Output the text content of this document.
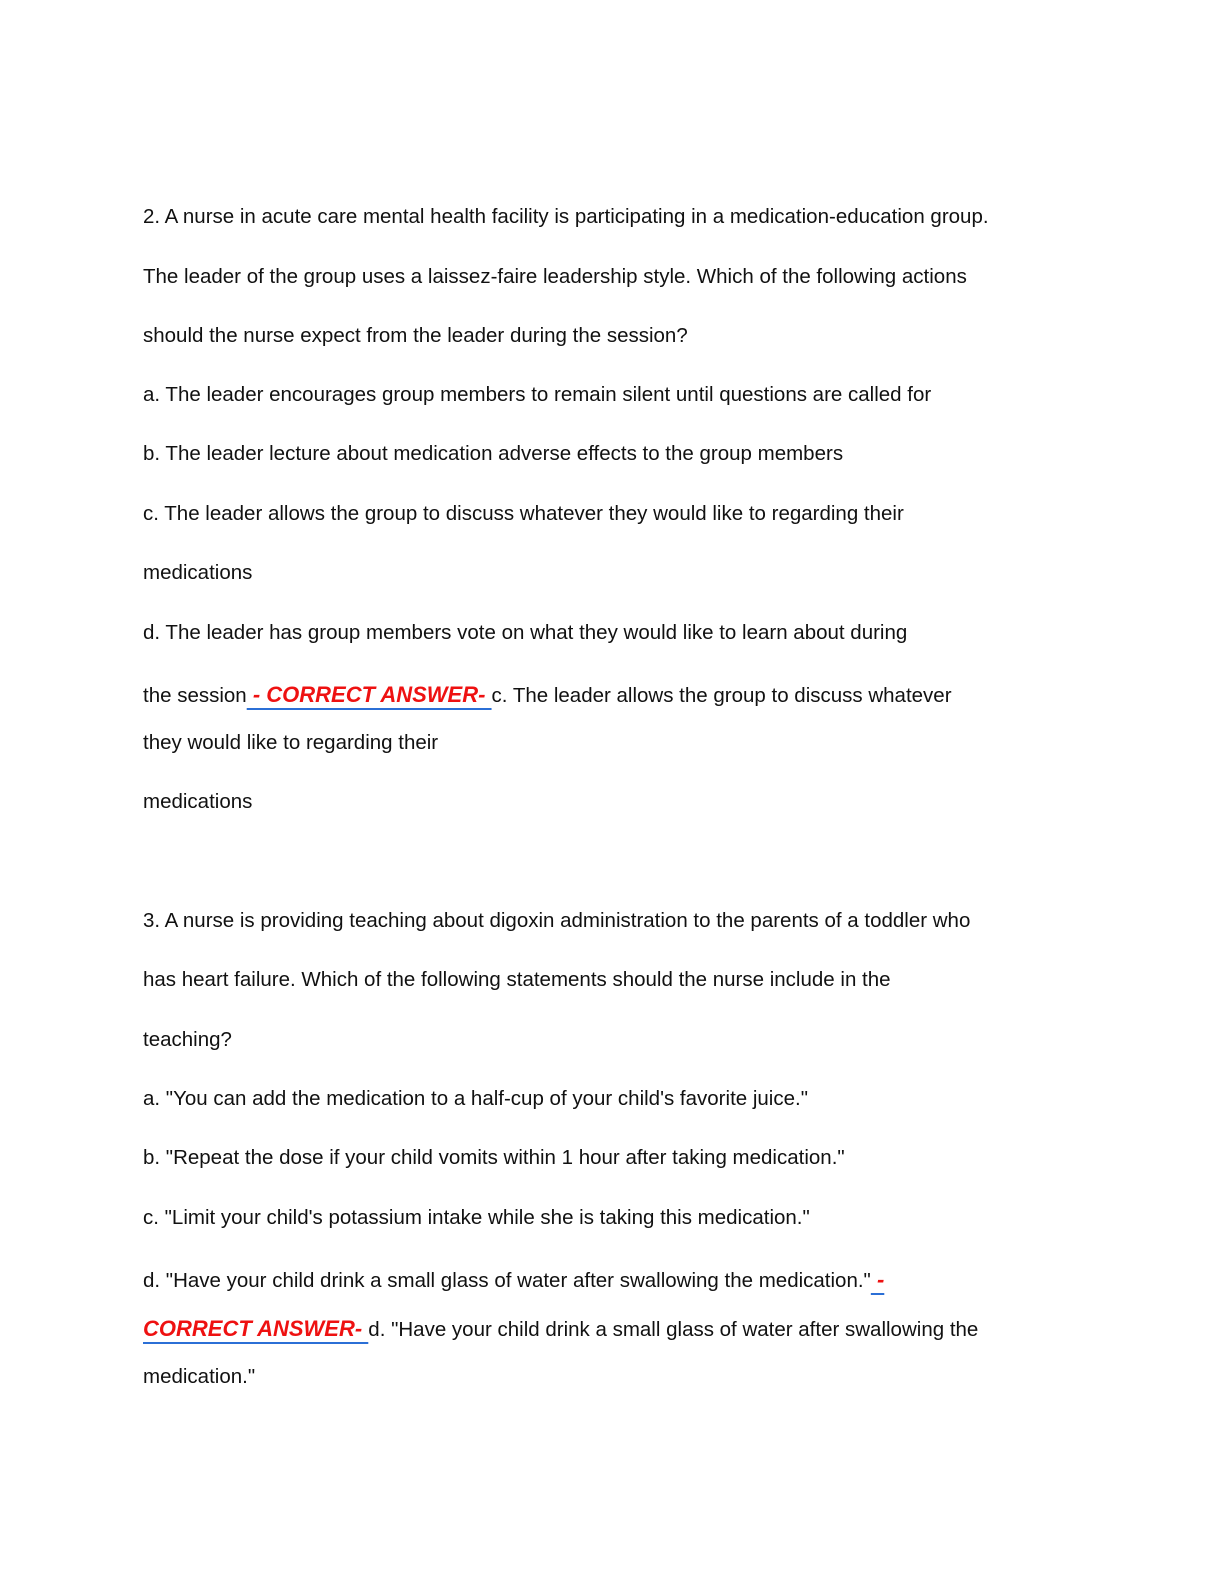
2. A nurse in acute care mental health facility is participating in a medication-education group.
The leader of the group uses a laissez-faire leadership style. Which of the following actions
should the nurse expect from the leader during the session?
a. The leader encourages group members to remain silent until questions are called for
b. The leader lecture about medication adverse effects to the group members
c. The leader allows the group to discuss whatever they would like to regarding their
medications
d. The leader has group members vote on what they would like to learn about during
the session - CORRECT ANSWER- c. The leader allows the group to discuss whatever
they would like to regarding their
medications
3. A nurse is providing teaching about digoxin administration to the parents of a toddler who
has heart failure. Which of the following statements should the nurse include in the
teaching?
a. "You can add the medication to a half-cup of your child's favorite juice."
b. "Repeat the dose if your child vomits within 1 hour after taking medication."
c. "Limit your child's potassium intake while she is taking this medication."
d. "Have your child drink a small glass of water after swallowing the medication." -
CORRECT ANSWER- d. "Have your child drink a small glass of water after swallowing the
medication."
